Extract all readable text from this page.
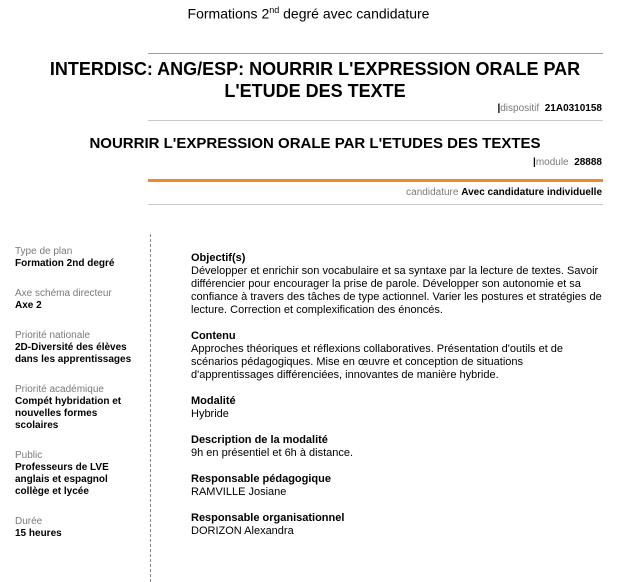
Formations 2nd degré avec candidature
INTERDISC: ANG/ESP: NOURRIR L'EXPRESSION ORALE PAR L'ETUDE DES TEXTE
|dispositif 21A0310158
NOURRIR L'EXPRESSION ORALE PAR L'ETUDES DES TEXTES
|module 28888
candidature Avec candidature individuelle
Type de plan
Formation 2nd degré
Axe schéma directeur
Axe 2
Priorité nationale
2D-Diversité des élèves dans les apprentissages
Priorité académique
Compét hybridation et nouvelles formes scolaires
Public
Professeurs de LVE anglais et espagnol collège et lycée
Durée
15 heures
Objectif(s)
Développer et enrichir son vocabulaire et sa syntaxe par la lecture de textes. Savoir différencier pour encourager la prise de parole. Développer son autonomie et sa confiance à travers des tâches de type actionnel. Varier les postures et stratégies de lecture. Correction et complexification des énoncés.
Contenu
Approches théoriques et réflexions collaboratives. Présentation d'outils et de scénarios pédagogiques. Mise en œuvre et conception de situations d'apprentissages différenciées, innovantes de manière hybride.
Modalité
Hybride
Description de la modalité
9h en présentiel et 6h à distance.
Responsable pédagogique
RAMVILLE Josiane
Responsable organisationnel
DORIZON Alexandra
